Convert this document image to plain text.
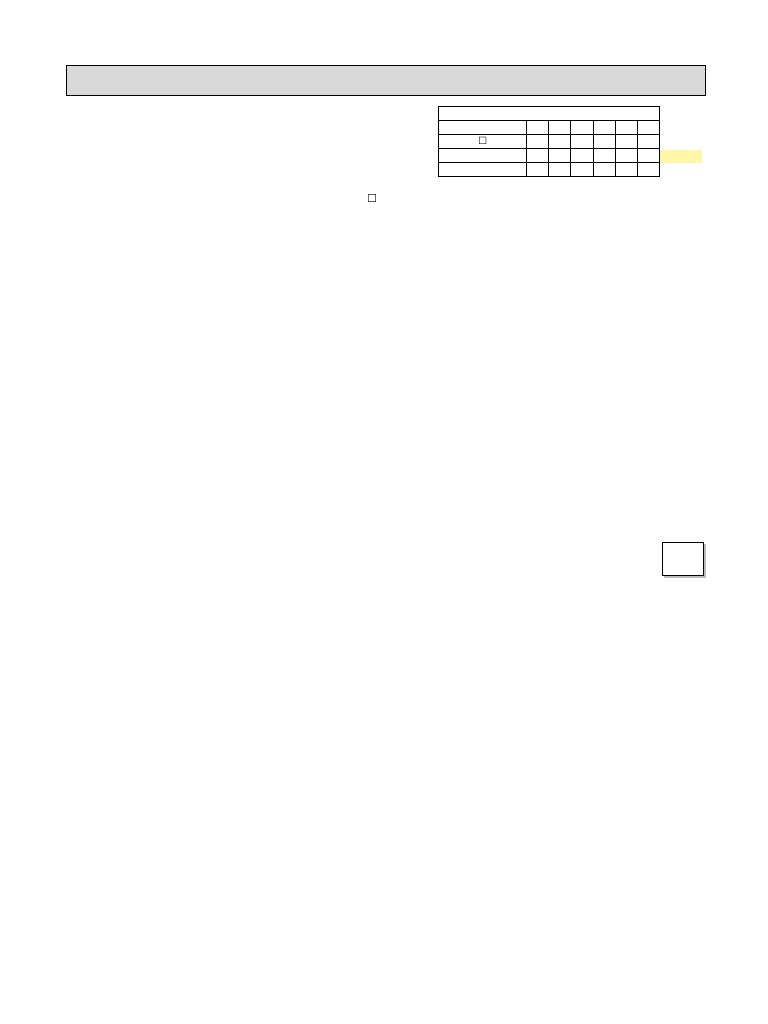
☐						

☐
